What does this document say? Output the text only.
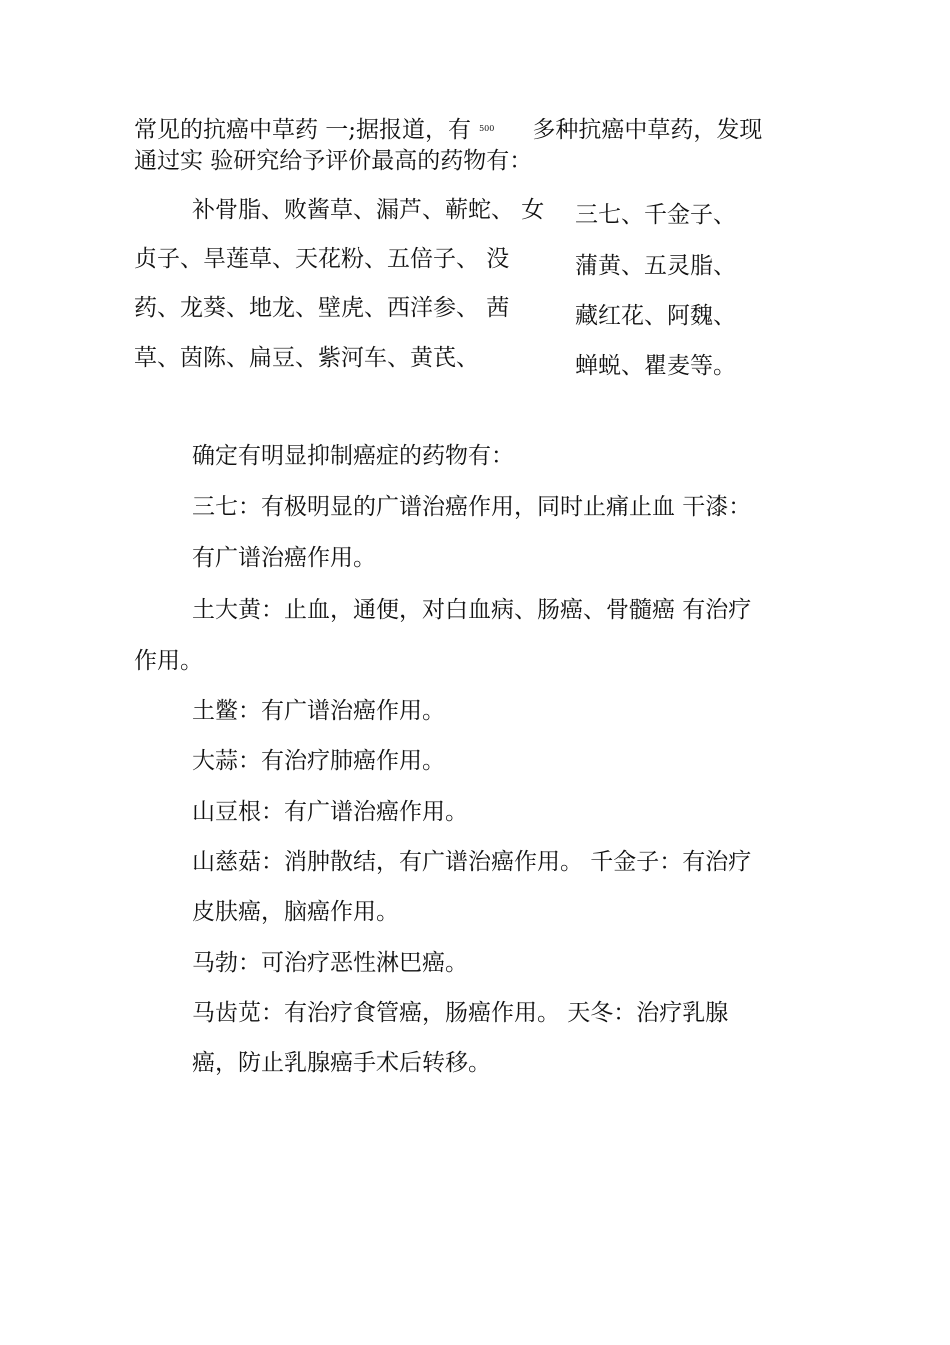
常见的抗癌中草药 一;据报道，有 $^{500}$ 多种抗癌中草药，发现

通过实 验研究给予评价最高的药物有：

补骨脂、败酱草、漏芦、蕲蛇、 女

贞子、旱莲草、天花粉、五倍子、 没

药、龙葵、地龙、壁虎、西洋参、 茜

草、茵陈、扁豆、紫河车、黄芪、

三七、千金子、

蒲黄、五灵脂、

藏红花、阿魏、

蝉蜕、瞿麦等。

确定有明显抑制癌症的药物有：

三七：有极明显的广谱治癌作用，同时止痛止血 干漆：

有广谱治癌作用。

土大黄：止血，通便，对白血病、肠癌、骨髓癌 有治疗

作用。

土鳖：有广谱治癌作用。

大蒜：有治疗肺癌作用。

山豆根：有广谱治癌作用。

山慈菇：消肿散结，有广谱治癌作用。 千金子：有治疗

皮肤癌，脑癌作用。

马勃：可治疗恶性淋巴癌。

马齿苋：有治疗食管癌，肠癌作用。 天冬：治疗乳腺

癌，防止乳腺癌手术后转移。
